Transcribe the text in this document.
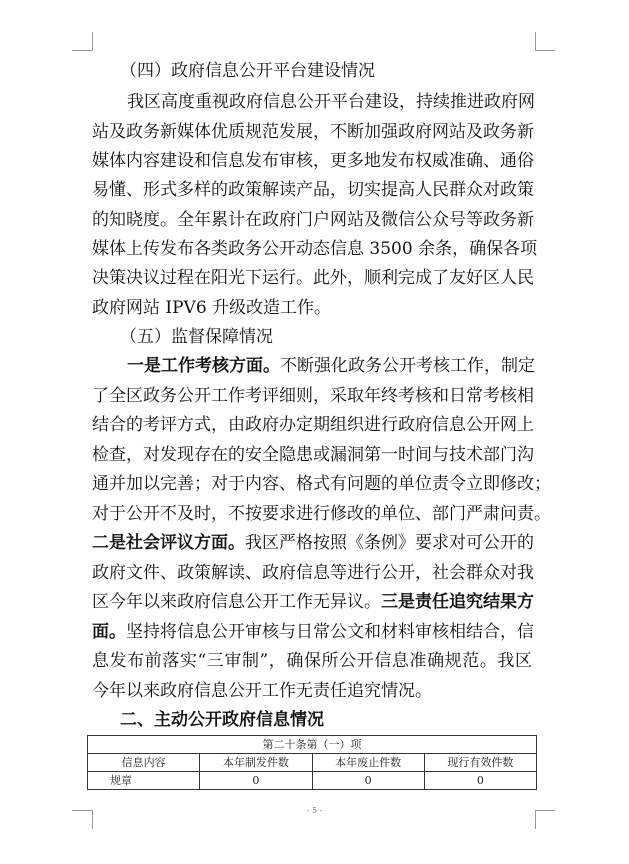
（四）政府信息公开平台建设情况
我区高度重视政府信息公开平台建设，持续推进政府网
站及政务新媒体优质规范发展，不断加强政府网站及政务新
媒体内容建设和信息发布审核，更多地发布权威准确、通俗
易懂、形式多样的政策解读产品，切实提高人民群众对政策
的知晓度。全年累计在政府门户网站及微信公众号等政务新
媒体上传发布各类政务公开动态信息 3500 余条，确保各项
决策决议过程在阳光下运行。此外，顺利完成了友好区人民
政府网站 IPV6 升级改造工作。
（五）监督保障情况
一是工作考核方面。不断强化政务公开考核工作，制定
了全区政务公开工作考评细则，采取年终考核和日常考核相
结合的考评方式，由政府办定期组织进行政府信息公开网上
检查，对发现存在的安全隐患或漏洞第一时间与技术部门沟
通并加以完善；对于内容、格式有问题的单位责令立即修改；
对于公开不及时，不按要求进行修改的单位、部门严肃问责。
二是社会评议方面。我区严格按照《条例》要求对可公开的
政府文件、政策解读、政府信息等进行公开，社会群众对我
区今年以来政府信息公开工作无异议。三是责任追究结果方
面。坚持将信息公开审核与日常公文和材料审核相结合，信
息发布前落实“三审制”，确保所公开信息准确规范。我区
今年以来政府信息公开工作无责任追究情况。
二、主动公开政府信息情况
第二十条第（一）项			
信息内容	本年制发件数	本年废止件数	现行有效件数
规章	0	0	0
- 5 -
